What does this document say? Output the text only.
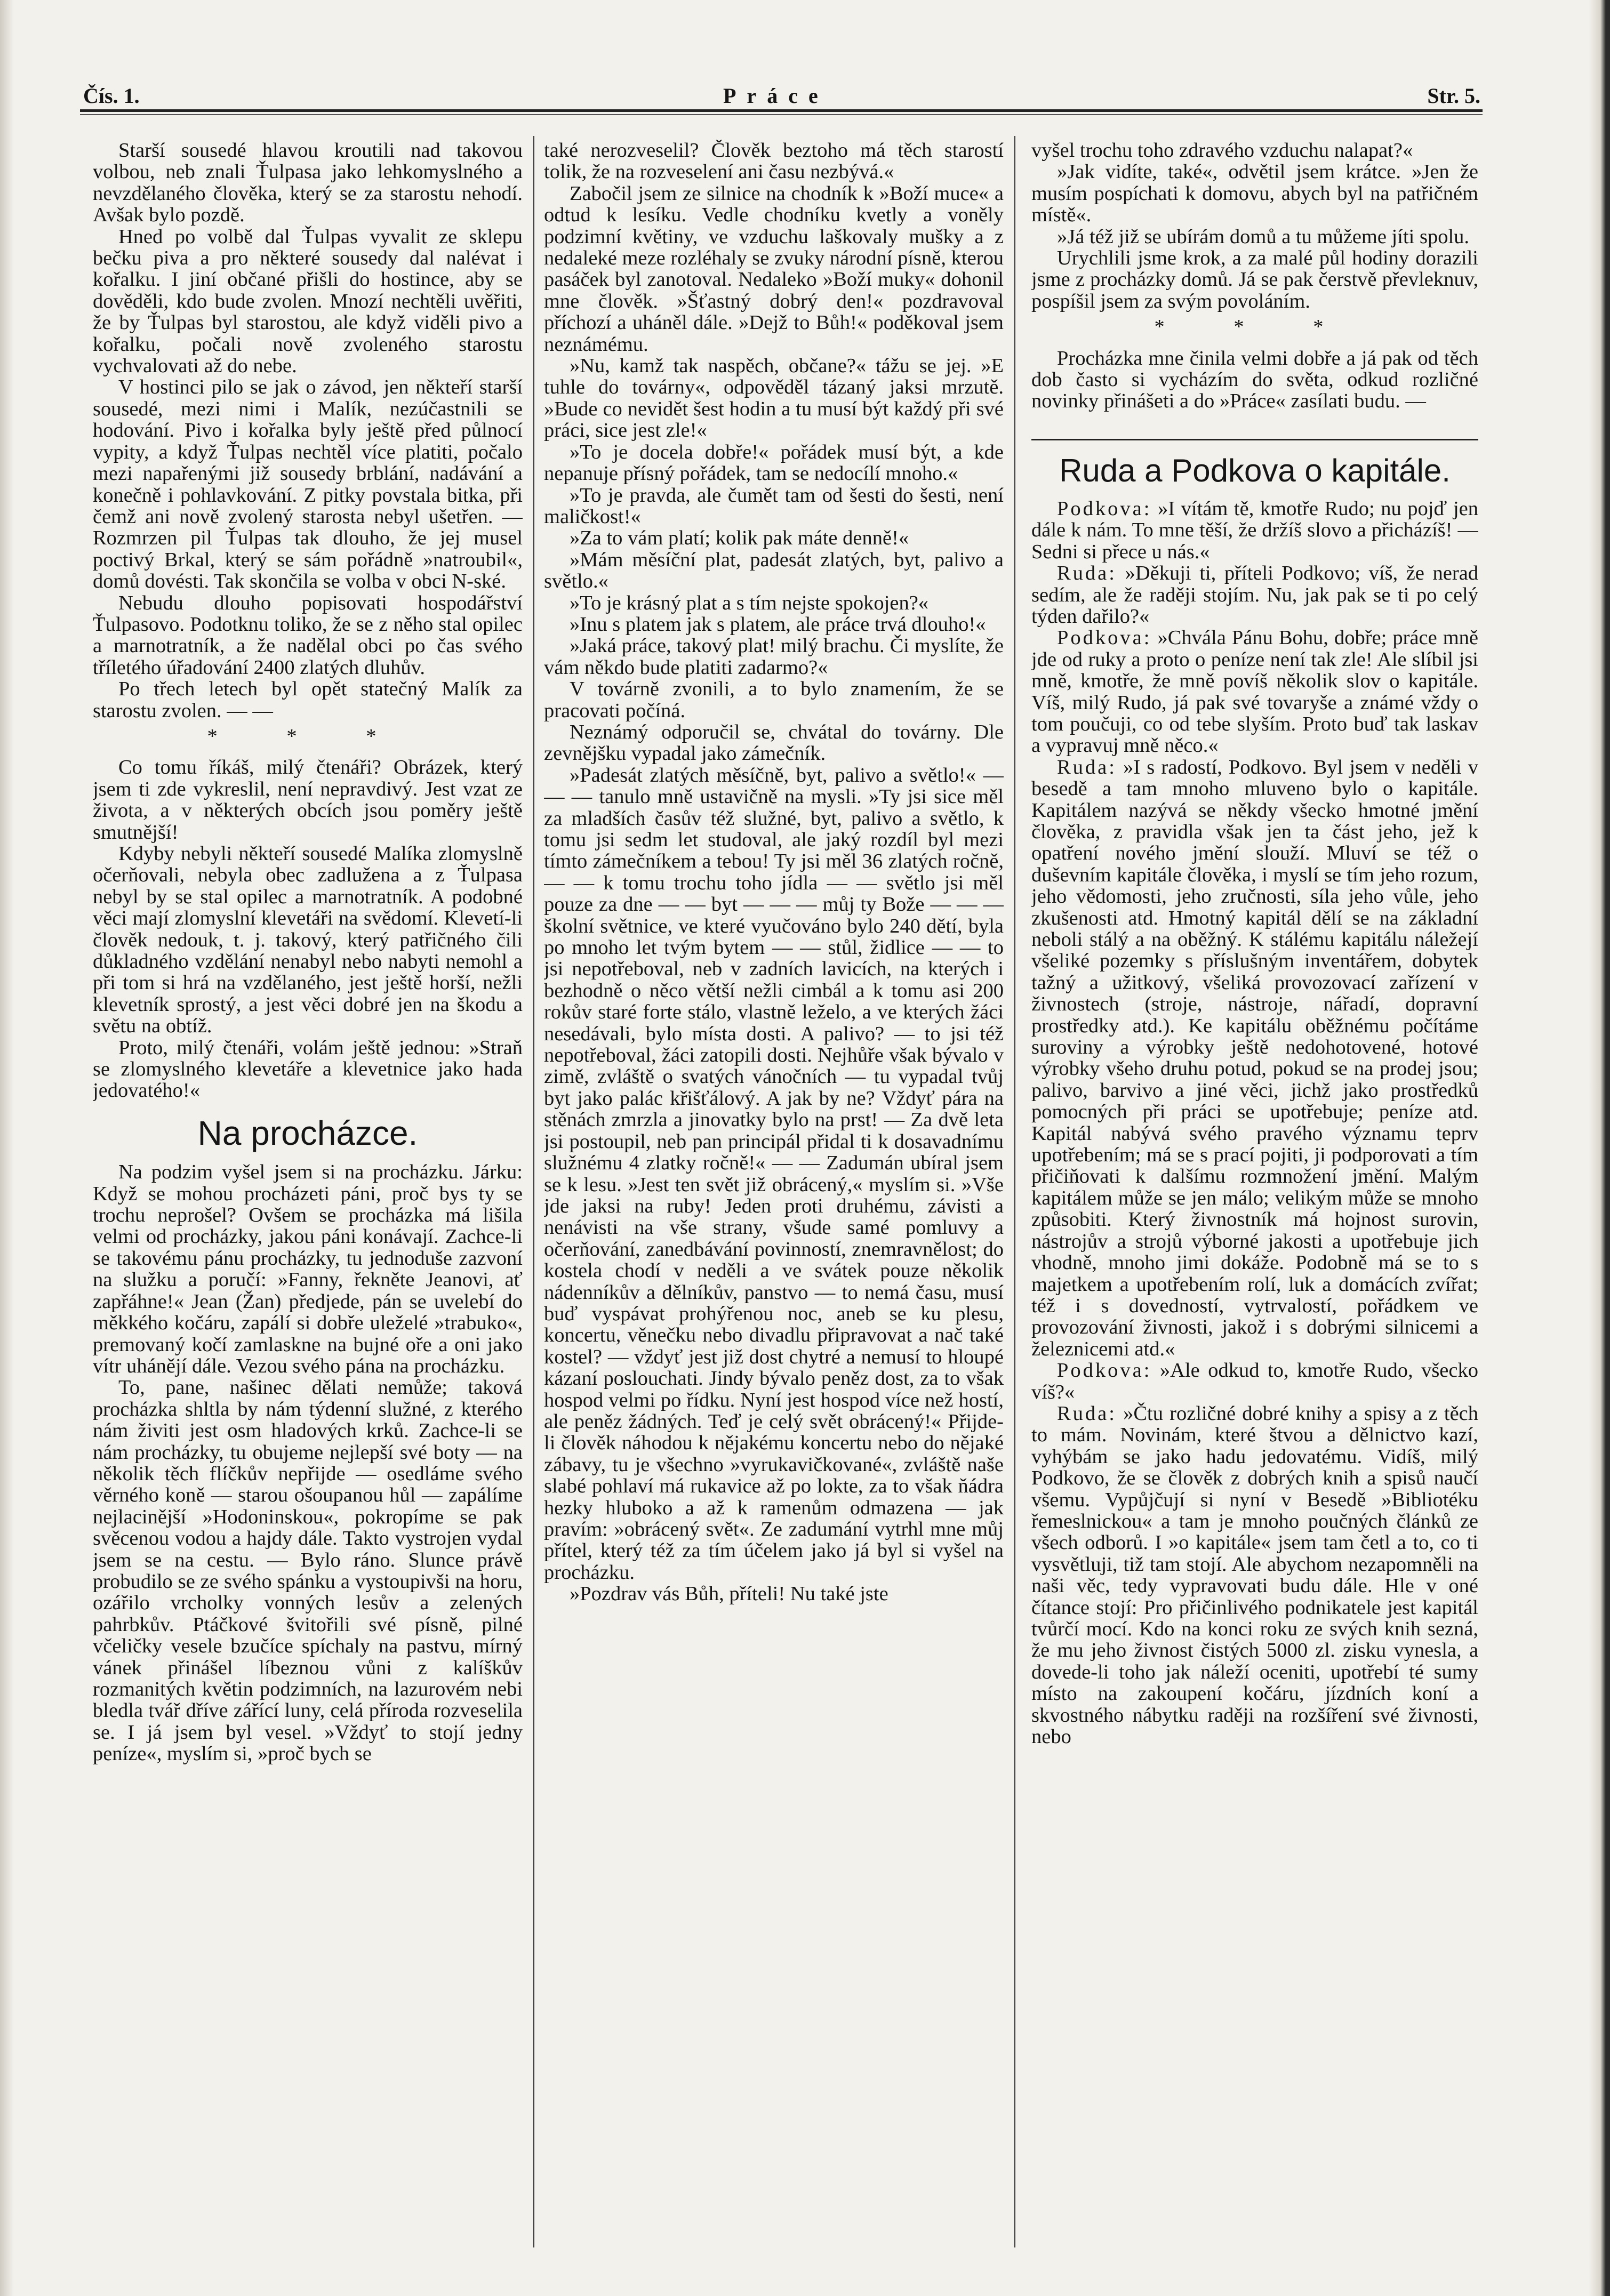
Čís. 1.	Práce	Str. 5.

Starší sousedé hlavou kroutili nad takovou volbou, neb znali Ťulpasa jako lehkomyslného a nevzdělaného člověka, který se za starostu nehodí. Avšak bylo pozdě.

Hned po volbě dal Ťulpas vyvalit ze sklepu bečku piva a pro některé sousedy dal nalévat i kořalku. I jiní občané přišli do hostince, aby se dověděli, kdo bude zvolen. Mnozí nechtěli uvěřiti, že by Ťulpas byl starostou, ale když viděli pivo a kořalku, počali nově zvoleného starostu vychvalovati až do nebe.

V hostinci pilo se jak o závod, jen někteří starší sousedé, mezi nimi i Malík, nezúčastnili se hodování. Pivo i kořalka byly ještě před půlnocí vypity, a když Ťulpas nechtěl více platiti, počalo mezi napařenými již sousedy brblání, nadávání a konečně i pohlavkování. Z pitky povstala bitka, při čemž ani nově zvolený starosta nebyl ušetřen. — Rozmrzen pil Ťulpas tak dlouho, že jej musel poctivý Brkal, který se sám pořádně »natroubil«, domů dovésti. Tak skončila se volba v obci N-ské.

Nebudu dlouho popisovati hospodářství Ťulpasovo. Podotknu toliko, že se z něho stal opilec a marnotratník, a že nadělal obci po čas svého tříletého úřadování 2400 zlatých dluhův.

Po třech letech byl opět statečný Malík za starostu zvolen. — —

* * *

Co tomu říkáš, milý čtenáři? Obrázek, který jsem ti zde vykreslil, není nepravdivý. Jest vzat ze života, a v některých obcích jsou poměry ještě smutnější!

Kdyby nebyli někteří sousedé Malíka zlomyslně očerňovali, nebyla obec zadlužena a z Ťulpasa nebyl by se stal opilec a marnotratník. A podobné věci mají zlomyslní klevetáři na svědomí. Klevetí-li člověk nedouk, t. j. takový, který patřičného čili důkladného vzdělání nenabyl nebo nabyti nemohl a při tom si hrá na vzdělaného, jest ještě horší, nežli klevetník sprostý, a jest věci dobré jen na škodu a světu na obtíž.

Proto, milý čtenáři, volám ještě jednou: »Straň se zlomyslného klevetáře a klevetnice jako hada jedovatého!«

Na procházce.

Na podzim vyšel jsem si na procházku. Járku: Když se mohou procházeti páni, proč bys ty se trochu neprošel? Ovšem se procházka má lišila velmi od procházky, jakou páni konávají. Zachce-li se takovému pánu procházky, tu jednoduše zazvoní na služku a poručí: »Fanny, řekněte Jeanovi, ať zapřáhne!« Jean (Žan) předjede, pán se uvelebí do měkkého kočáru, zapálí si dobře uleželé »trabuko«, premovaný kočí zamlaskne na bujné oře a oni jako vítr uhánějí dále. Vezou svého pána na procházku.

To, pane, našinec dělati nemůže; taková procházka shltla by nám týdenní služné, z kterého nám živiti jest osm hladových krků. Zachce-li se nám procházky, tu obujeme nejlepší své boty — na několik těch flíčkův nepřijde — osedláme svého věrného koně — starou ošoupanou hůl — zapálíme nejlacinější »Hodoninskou«, pokropíme se pak svěcenou vodou a hajdy dále. Takto vystrojen vydal jsem se na cestu. — Bylo ráno. Slunce právě probudilo se ze svého spánku a vystoupivši na horu, ozářilo vrcholky vonných lesův a zelených pahrbkův. Ptáčkové švitořili své písně, pilné včeličky vesele bzučíce spíchaly na pastvu, mírný vánek přinášel líbeznou vůni z kalíškův rozmanitých květin podzimních, na lazurovém nebi bledla tvář dříve zářící luny, celá příroda rozveselila se. I já jsem byl vesel. »Vždyť to stojí jedny peníze«, myslím si, »proč bych se

také nerozveselil? Člověk beztoho má těch starostí tolik, že na rozveselení ani času nezbývá.«

Zabočil jsem ze silnice na chodník k »Boží muce« a odtud k lesíku. Vedle chodníku kvetly a voněly podzimní květiny, ve vzduchu laškovaly mušky a z nedaleké meze rozléhaly se zvuky národní písně, kterou pasáček byl zanotoval. Nedaleko »Boží muky« dohonil mne člověk. »Šťastný dobrý den!« pozdravoval příchozí a uháněl dále. »Dejž to Bůh!« poděkoval jsem neznámému.

»Nu, kamž tak naspěch, občane?« tážu se jej. »E tuhle do továrny«, odpověděl tázaný jaksi mrzutě. »Bude co nevidět šest hodin a tu musí být každý při své práci, sice jest zle!«

»To je docela dobře!« pořádek musí být, a kde nepanuje přísný pořádek, tam se nedocílí mnoho.«

»To je pravda, ale čumět tam od šesti do šesti, není maličkost!«

»Za to vám platí; kolik pak máte denně!«

»Mám měsíční plat, padesát zlatých, byt, palivo a světlo.«

»To je krásný plat a s tím nejste spokojen?«

»Inu s platem jak s platem, ale práce trvá dlouho!«

»Jaká práce, takový plat! milý brachu. Či myslíte, že vám někdo bude platiti zadarmo?«

V továrně zvonili, a to bylo znamením, že se pracovati počíná.

Neznámý odporučil se, chvátal do továrny. Dle zevnějšku vypadal jako zámečník.

»Padesát zlatých měsíčně, byt, palivo a světlo!« — — — tanulo mně ustavičně na mysli. »Ty jsi sice měl za mladších časův též služné, byt, palivo a světlo, k tomu jsi sedm let studoval, ale jaký rozdíl byl mezi tímto zámečníkem a tebou! Ty jsi měl 36 zlatých ročně, — — k tomu trochu toho jídla — — světlo jsi měl pouze za dne — — byt — — — můj ty Bože — — — školní světnice, ve které vyučováno bylo 240 dětí, byla po mnoho let tvým bytem — — stůl, židlice — — to jsi nepotřeboval, neb v zadních lavicích, na kterých i bezhodně o něco větší nežli cimbál a k tomu asi 200 rokův staré forte stálo, vlastně leželo, a ve kterých žáci nesedávali, bylo místa dosti. A palivo? — to jsi též nepotřeboval, žáci zatopili dosti. Nejhůře však bývalo v zimě, zvláště o svatých vánočních — tu vypadal tvůj byt jako palác křišťálový. A jak by ne? Vždyť pára na stěnách zmrzla a jinovatky bylo na prst! — Za dvě leta jsi postoupil, neb pan principál přidal ti k dosavadnímu služnému 4 zlatky ročně!« — — Zadumán ubíral jsem se k lesu. »Jest ten svět již obrácený,« myslím si. »Vše jde jaksi na ruby! Jeden proti druhému, závisti a nenávisti na vše strany, všude samé pomluvy a očerňování, zanedbávání povinností, znemravnělost; do kostela chodí v neděli a ve svátek pouze několik nádenníkův a dělníkův, panstvo — to nemá času, musí buď vyspávat prohýřenou noc, aneb se ku plesu, koncertu, věnečku nebo divadlu připravovat a nač také kostel? — vždyť jest již dost chytré a nemusí to hloupé kázaní poslouchati. Jindy bývalo peněz dost, za to však hospod velmi po řídku. Nyní jest hospod více než hostí, ale peněz žádných. Teď je celý svět obrácený!« Přijde-li člověk náhodou k nějakému koncertu nebo do nějaké zábavy, tu je všechno »vyrukavičkované«, zvláště naše slabé pohlaví má rukavice až po lokte, za to však ňádra hezky hluboko a až k ramenům odmazena — jak pravím: »obrácený svět«. Ze zadumání vytrhl mne můj přítel, který též za tím účelem jako já byl si vyšel na procházku.

»Pozdrav vás Bůh, příteli! Nu také jste

vyšel trochu toho zdravého vzduchu nalapat?«

»Jak vidíte, také«, odvětil jsem krátce. »Jen že musím pospíchati k domovu, abych byl na patřičném místě«.

»Já též již se ubírám domů a tu můžeme jíti spolu.

Urychlili jsme krok, a za malé půl hodiny dorazili jsme z procházky domů. Já se pak čerstvě převleknuv, pospíšil jsem za svým povoláním.

* * *

Procházka mne činila velmi dobře a já pak od těch dob často si vycházím do světa, odkud rozličné novinky přinášeti a do »Práce« zasílati budu. —

Ruda a Podkova o kapitále.

Podkova: »I vítám tě, kmotře Rudo; nu pojď jen dále k nám. To mne těší, že držíš slovo a přicházíš! — Sedni si přece u nás.«

Ruda: »Děkuji ti, příteli Podkovo; víš, že nerad sedím, ale že raději stojím. Nu, jak pak se ti po celý týden dařilo?«

Podkova: »Chvála Pánu Bohu, dobře; práce mně jde od ruky a proto o peníze není tak zle! Ale slíbil jsi mně, kmotře, že mně povíš několik slov o kapitále. Víš, milý Rudo, já pak své tovaryše a známé vždy o tom poučuji, co od tebe slyším. Proto buď tak laskav a vypravuj mně něco.«

Ruda: »I s radostí, Podkovo. Byl jsem v neděli v besedě a tam mnoho mluveno bylo o kapitále. Kapitálem nazývá se někdy všecko hmotné jmění člověka, z pravidla však jen ta část jeho, jež k opatření nového jmění slouží. Mluví se též o duševním kapitále člověka, i myslí se tím jeho rozum, jeho vědomosti, jeho zručnosti, síla jeho vůle, jeho zkušenosti atd. Hmotný kapitál dělí se na základní neboli stálý a na oběžný. K stálému kapitálu náležejí všeliké pozemky s příslušným inventářem, dobytek tažný a užitkový, všeliká provozovací zařízení v živnostech (stroje, nástroje, nářadí, dopravní prostředky atd.). Ke kapitálu oběžnému počítáme suroviny a výrobky ještě nedohotovené, hotové výrobky všeho druhu potud, pokud se na prodej jsou; palivo, barvivo a jiné věci, jichž jako prostředků pomocných při práci se upotřebuje; peníze atd. Kapitál nabývá svého pravého významu teprv upotřebením; má se s prací pojiti, ji podporovati a tím přičiňovati k dalšímu rozmnožení jmění. Malým kapitálem může se jen málo; velikým může se mnoho způsobiti. Který živnostník má hojnost surovin, nástrojův a strojů výborné jakosti a upotřebuje jich vhodně, mnoho jimi dokáže. Podobně má se to s majetkem a upotřebením rolí, luk a domácích zvířat; též i s dovedností, vytrvalostí, pořádkem ve provozování živnosti, jakož i s dobrými silnicemi a železnicemi atd.«

Podkova: »Ale odkud to, kmotře Rudo, všecko víš?«

Ruda: »Čtu rozličné dobré knihy a spisy a z těch to mám. Novinám, které štvou a dělnictvo kazí, vyhýbám se jako hadu jedovatému. Vidíš, milý Podkovo, že se člověk z dobrých knih a spisů naučí všemu. Vypůjčují si nyní v Besedě »Bibliotéku řemeslnickou« a tam je mnoho poučných článků ze všech odborů. I »o kapitále« jsem tam četl a to, co ti vysvětluji, tiž tam stojí. Ale abychom nezapomněli na naši věc, tedy vypravovati budu dále. Hle v oné čítance stojí: Pro přičinlivého podnikatele jest kapitál tvůrčí mocí. Kdo na konci roku ze svých knih sezná, že mu jeho živnost čistých 5000 zl. zisku vynesla, a dovede-li toho jak náleží oceniti, upotřebí té sumy místo na zakoupení kočáru, jízdních koní a skvostného nábytku raději na rozšíření své živnosti, nebo
